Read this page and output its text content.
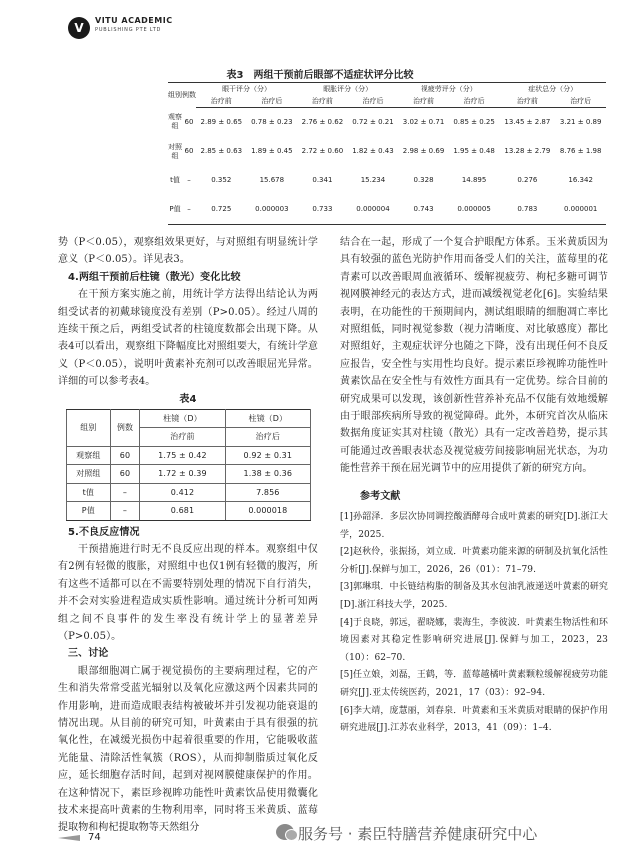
V
VITU ACADEMIC
PUBLISHING PTE LTD
表3　两组干预前后眼部不适症状评分比较
组别	例数	眼干评分（分）		眼胀评分（分）		视疲劳评分（分）		症状总分（分）	
		治疗前	治疗后	治疗前	治疗后	治疗前	治疗后	治疗前	治疗后
观察组	60	2.89 ± 0.65	0.78 ± 0.23	2.76 ± 0.62	0.72 ± 0.21	3.02 ± 0.71	0.85 ± 0.25	13.45 ± 2.87	3.21 ± 0.89
对照组	60	2.85 ± 0.63	1.89 ± 0.45	2.72 ± 0.60	1.82 ± 0.43	2.98 ± 0.69	1.95 ± 0.48	13.28 ± 2.79	8.76 ± 1.98
t值	–	0.352	15.678	0.341	15.234	0.328	14.895	0.276	16.342
P值	–	0.725	0.000003	0.733	0.000004	0.743	0.000005	0.783	0.000001

势（P＜0.05），观察组效果更好，与对照组有明显统计学意义（P＜0.05）。详见表3。

4.两组干预前后柱镜（散光）变化比较

在干预方案实施之前，用统计学方法得出结论认为两组受试者的初戴球镜度没有差别（P>0.05）。经过八周的连续干预之后，两组受试者的柱镜度数都会出现下降。从表4可以看出，观察组下降幅度比对照组要大，有统计学意义（P＜0.05），说明叶黄素补充剂可以改善眼屈光异常。详细的可以参考表4。

表4

组别	例数	柱镜（D）	柱镜（D）
		治疗前	治疗后
观察组	60	1.75 ± 0.42	0.92 ± 0.31
对照组	60	1.72 ± 0.39	1.38 ± 0.36
t值	–	0.412	7.856
P值	–	0.681	0.000018

5.不良反应情况

干预措施进行时无不良反应出现的样本。观察组中仅有2例有轻微的腹胀，对照组中也仅1例有轻微的腹泻，所有这些不适都可以在不需要特别处理的情况下自行消失，并不会对实验进程造成实质性影响。通过统计分析可知两组之间不良事件的发生率没有统计学上的显著差异（P>0.05）。

三、讨论

眼部细胞凋亡属于视觉损伤的主要病理过程，它的产生和消失常常受蓝光辐射以及氧化应激这两个因素共同的作用影响，进而造成眼表结构被破坏并引发视功能衰退的情况出现。从目前的研究可知，叶黄素由于具有很强的抗氧化性，在减缓光损伤中起着很重要的作用，它能吸收蓝光能量、清除活性氧簇（ROS），从而抑制脂质过氧化反应，延长细胞存活时间，起到对视网膜健康保护的作用。在这种情况下，素臣珍视眸功能性叶黄素饮品使用微囊化技术来提高叶黄素的生物利用率，同时将玉米黄质、蓝莓提取物和枸杞提取物等天然组分

结合在一起，形成了一个复合护眼配方体系。玉米黄质因为具有较强的蓝色光防护作用而备受人们的关注，蓝莓里的花青素可以改善眼周血液循环、缓解视疲劳、枸杞多糖可调节视网膜神经元的表达方式，进而减缓视觉老化[6]。实验结果表明，在功能性的干预期间内，测试组眼睛的细胞凋亡率比对照组低，同时视觉参数（视力清晰度、对比敏感度）都比对照组好，主观症状评分也随之下降，没有出现任何不良反应报告，安全性与实用性均良好。提示素臣珍视眸功能性叶黄素饮品在安全性与有效性方面具有一定优势。综合目前的研究成果可以发现，该创新性营养补充品不仅能有效地缓解由于眼部疾病所导致的视觉障碍。此外，本研究首次从临床数据角度证实其对柱镜（散光）具有一定改善趋势，提示其可能通过改善眼表状态及视觉疲劳间接影响屈光状态，为功能性营养干预在屈光调节中的应用提供了新的研究方向。

参考文献

[1]孙韶泽．多层次协同调控酸酒酵母合成叶黄素的研究[D].浙江大学，2025.

[2]赵秋伶，张振扬，刘立成．叶黄素功能来源的研制及抗氧化活性分析[J].保鲜与加工，2026，26（01）：71–79.

[3]郭琳琪．中长链结构脂的制备及其水包油乳液递送叶黄素的研究[D].浙江科技大学，2025.

[4]于良晓，郭远，翟晓娜，裴海生，李彼波．叶黄素生物活性和环境因素对其稳定性影响研究进展[J].保鲜与加工，2023，23（10）：62–70.

[5]任立娘，刘磊，王鹤，等．蓝莓越橘叶黄素颗粒缓解视疲劳功能研究[J].亚太传统医药，2021，17（03）：92–94.

[6]李大靖，庞慧丽，刘春泉．叶黄素和玉米黄质对眼睛的保护作用研究进展[J].江苏农业科学，2013，41（09）：1–4.

74	服务号 · 素臣特膳营养健康研究中心
